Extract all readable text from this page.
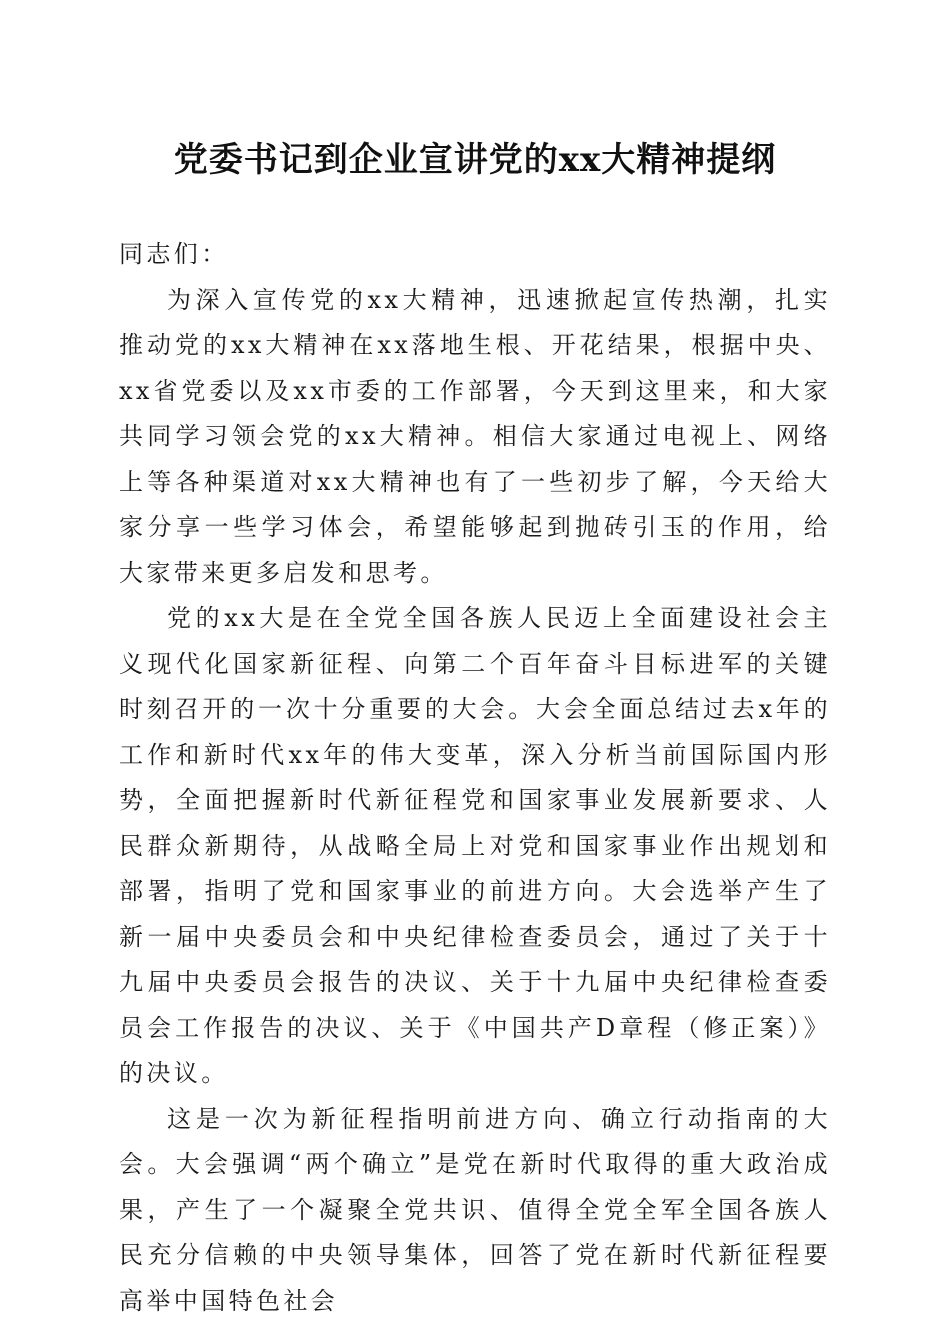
党委书记到企业宣讲党的xx大精神提纲

同志们：

为深入宣传党的xx大精神，迅速掀起宣传热潮，扎实推动党的xx大精神在xx落地生根、开花结果，根据中央、xx省党委以及xx市委的工作部署，今天到这里来，和大家共同学习领会党的xx大精神。相信大家通过电视上、网络上等各种渠道对xx大精神也有了一些初步了解，今天给大家分享一些学习体会，希望能够起到抛砖引玉的作用，给大家带来更多启发和思考。

党的xx大是在全党全国各族人民迈上全面建设社会主义现代化国家新征程、向第二个百年奋斗目标进军的关键时刻召开的一次十分重要的大会。大会全面总结过去x年的工作和新时代xx年的伟大变革，深入分析当前国际国内形势，全面把握新时代新征程党和国家事业发展新要求、人民群众新期待，从战略全局上对党和国家事业作出规划和部署，指明了党和国家事业的前进方向。大会选举产生了新一届中央委员会和中央纪律检查委员会，通过了关于十九届中央委员会报告的决议、关于十九届中央纪律检查委员会工作报告的决议、关于《中国共产D章程（修正案）》的决议。

这是一次为新征程指明前进方向、确立行动指南的大会。大会强调“两个确立”是党在新时代取得的重大政治成果，产生了一个凝聚全党共识、值得全党全军全国各族人民充分信赖的中央领导集体，回答了党在新时代新征程要高举中国特色社会
